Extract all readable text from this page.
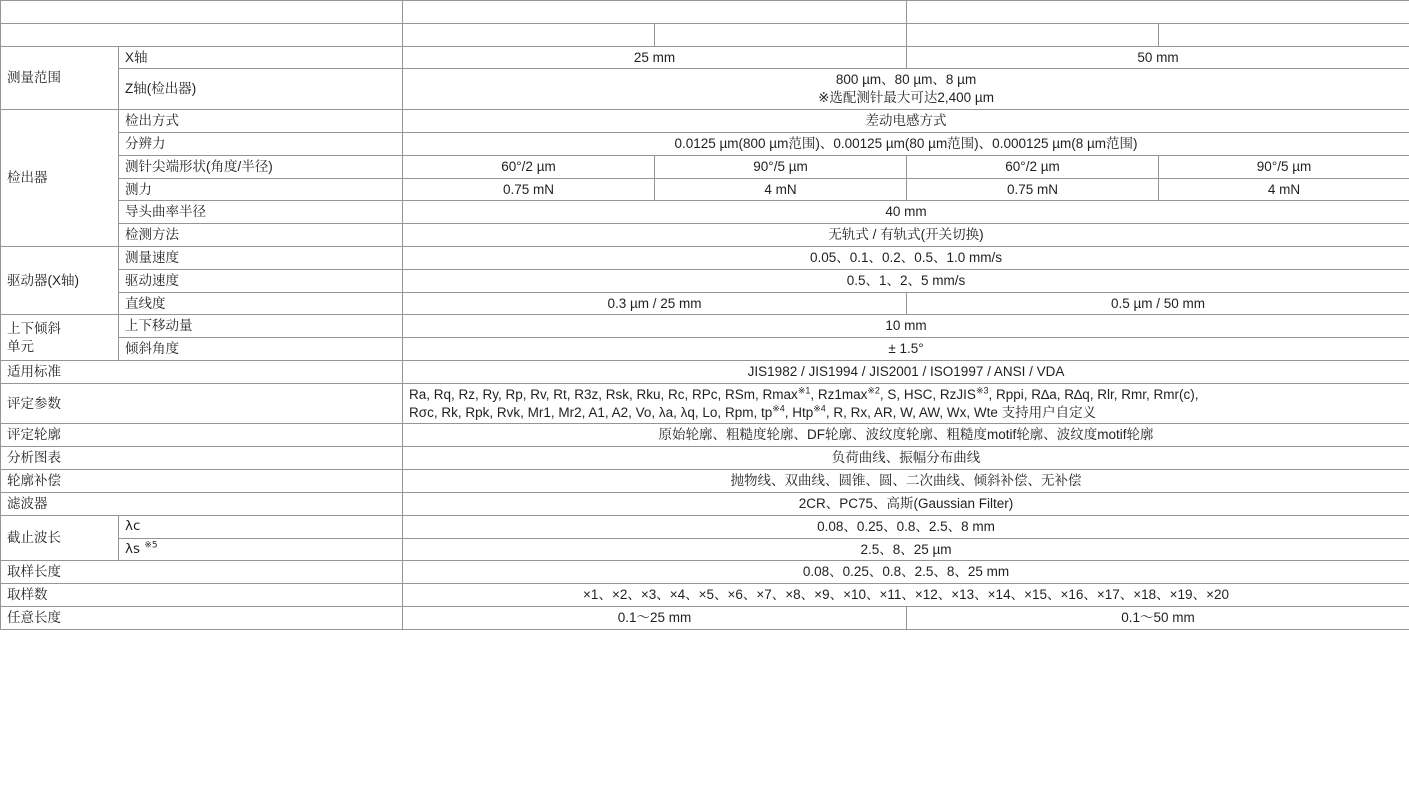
型号		SJ-411		SJ-412	
货号		178-580-31DC	178-580-32DC	178-582-31DC	178-582-32DC
测量范围	X轴	25 mm		50 mm	
	Z轴(检出器)	800 µm、80 µm、8 µm
※选配测针最大可达2,400 µm			

检出器	检出方式	差动电感方式			
	分辨力	0.0125 µm(800 µm范围)、0.00125 µm(80 µm范围)、0.000125 µm(8 µm范围)			
	测针尖端形状(角度/半径)	60°/2 µm	90°/5 µm	60°/2 µm	90°/5 µm
	测力	0.75 mN	4 mN	0.75 mN	4 mN
	导头曲率半径	40 mm			
	检测方法	无轨式 / 有轨式(开关切换)			
驱动器(X轴)	测量速度	0.05、0.1、0.2、0.5、1.0 mm/s			
	驱动速度	0.5、1、2、5 mm/s			
	直线度	0.3 µm / 25 mm		0.5 µm / 50 mm	

上下倾斜
单元	上下移动量	10 mm			
	倾斜角度	± 1.5°			
适用标准		JIS1982 / JIS1994 / JIS2001 / ISO1997 / ANSI / VDA			
评定参数		Ra, Rq, Rz, Ry, Rp, Rv, Rt, R3z, Rsk, Rku, Rc, RPc, RSm, Rmax$^{※1}$, $Rz1\max^{※2}$, S, HSC, RzJIS$^{※3}$, Rppi, R∆a, R∆q, Rlr, Rmr, Rmr(c),
Rσc, Rk, Rpk, Rvk, Mr1, Mr2, A1, A2, Vo, λa, λq, Lo, Rpm, $tp^{※4}$, Htp$^{※4}$, R, Rx, AR, W, AW, Wx, Wte 支持用户自定义			

评定轮廓		原始轮廓、粗糙度轮廓、DF轮廓、波纹度轮廓、粗糙度motif轮廓、波纹度motif轮廓			
分析图表		负荷曲线、振幅分布曲线			
轮廓补偿		抛物线、双曲线、圆锥、圆、二次曲线、倾斜补偿、无补偿			
滤波器		2CR、PC75、高斯(Gaussian Filter)			
截止波长	λc	0.08、0.25、0.8、2.5、8 mm			
	λs $^{※5}$	2.5、8、25 µm			
取样长度		0.08、0.25、0.8、2.5、8、25 mm			
取样数		×1、×2、×3、×4、×5、×6、×7、×8、×9、×10、×11、×12、×13、×14、×15、×16、×17、×18、×19、×20			
任意长度		0.1～25 mm		0.1～50 mm	
